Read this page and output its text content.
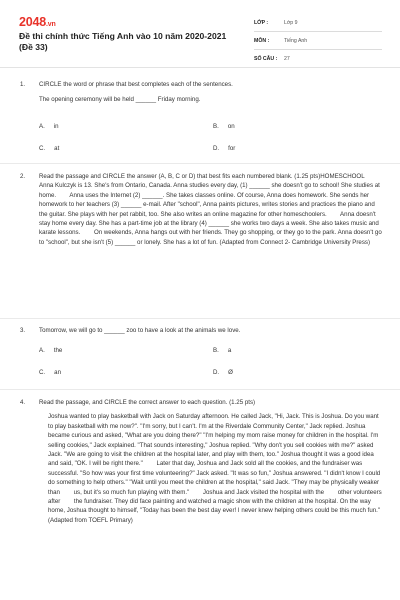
2048.vn
Đề thi chính thức Tiếng Anh vào 10 năm 2020-2021 (Đề 33)
LỚP :	Lớp 9
MÔN :	Tiếng Anh
SỐ CÂU :	27
1.	CIRCLE the word or phrase that best completes each of the sentences.

The opening ceremony will be held ______ Friday morning.

A. in	B. on
C. at	D. for
2.	Read the passage and CIRCLE the answer (A, B, C or D) that best fits each numbered blank. (1.25 pts)HOMESCHOOL        Anna Kulczyk is 13. She's from Ontario, Canada. Anna studies every day, (1) ______ she doesn't go to school! She studies at home.        Anna uses the Internet (2) ______. She takes classes online. Of course, Anna does homework. She sends her homework to her teachers (3) ______ e-mail. After "school", Anna paints pictures, writes stories and practices the piano and the guitar. She plays with her pet rabbit, too. She also writes an online magazine for other homeschoolers.        Anna doesn't stay home every day. She has a part-time job at the library (4) ______ she works two days a week. She also takes music and karate lessons.        On weekends, Anna hangs out with her friends. They go shopping, or they go to the park. Anna doesn't go to "school", but she isn't (5) ______ or lonely. She has a lot of fun. (Adapted from Connect 2- Cambridge University Press)

3.	Tomorrow, we will go to ______ zoo to have a look at the animals we love.

A. the	B. a
C. an	D. Ø
4.	Read the passage, and CIRCLE the correct answer to each question. (1.25 pts)

Joshua wanted to play basketball with Jack on Saturday afternoon. He called Jack, "Hi, Jack. This is Joshua. Do you want to play basketball with me now?". "I'm sorry, but I can't. I'm at the Riverdale Community Center," Jack replied. Joshua became curious and asked, "What are you doing there?" "I'm helping my mom raise money for children in the hospital. I'm selling cookies," Jack explained. "That sounds interesting," Joshua replied. "Why don't you sell cookies with me?" asked Jack. "We are going to visit the children at the hospital later, and play with them, too." Joshua thought it was a good idea and said, "OK. I will be right there."        Later that day, Joshua and Jack sold all the cookies, and the fundraiser was successful. "So how was your first time volunteering?" Jack asked. "It was so fun," Joshua answered. "I didn't know I could do something to help others." "Wait until you meet the children at the hospital," said Jack. "They may be physically weaker than        us, but it's so much fun playing with them."        Joshua and Jack visited the hospital with the        other volunteers after        the fundraiser. They did face painting and watched a magic show with the children at the hospital. On the way home, Joshua thought to himself, "Today has been the best day ever! I never knew helping others could be this much fun." (Adapted from TOEFL Primary)
